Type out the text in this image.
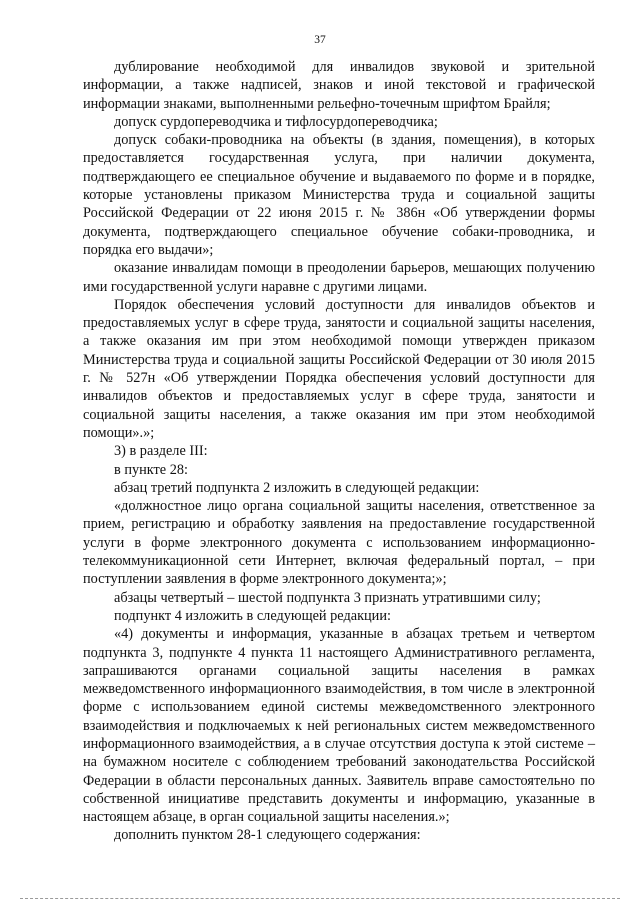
37

дублирование необходимой для инвалидов звуковой и зрительной информации, а также надписей, знаков и иной текстовой и графической информации знаками, выполненными рельефно-точечным шрифтом Брайля;

допуск сурдопереводчика и тифлосурдопереводчика;

допуск собаки-проводника на объекты (в здания, помещения), в которых предоставляется государственная услуга, при наличии документа, подтверждающего ее специальное обучение и выдаваемого по форме и в порядке, которые установлены приказом Министерства труда и социальной защиты Российской Федерации от 22 июня 2015 г. № 386н «Об утверждении формы документа, подтверждающего специальное обучение собаки-проводника, и порядка его выдачи»;

оказание инвалидам помощи в преодолении барьеров, мешающих получению ими государственной услуги наравне с другими лицами.

Порядок обеспечения условий доступности для инвалидов объектов и предоставляемых услуг в сфере труда, занятости и социальной защиты населения, а также оказания им при этом необходимой помощи утвержден приказом Министерства труда и социальной защиты Российской Федерации от 30 июля 2015 г. № 527н «Об утверждении Порядка обеспечения условий доступности для инвалидов объектов и предоставляемых услуг в сфере труда, занятости и социальной защиты населения, а также оказания им при этом необходимой помощи».»;

3) в разделе III:

в пункте 28:

абзац третий подпункта 2 изложить в следующей редакции:

«должностное лицо органа социальной защиты населения, ответственное за прием, регистрацию и обработку заявления на предоставление государственной услуги в форме электронного документа с использованием информационно-телекоммуникационной сети Интернет, включая федеральный портал, – при поступлении заявления в форме электронного документа;»;

абзацы четвертый – шестой подпункта 3 признать утратившими силу;

подпункт 4 изложить в следующей редакции:

«4) документы и информация, указанные в абзацах третьем и четвертом подпункта 3, подпункте 4 пункта 11 настоящего Административного регламента, запрашиваются органами социальной защиты населения в рамках межведомственного информационного взаимодействия, в том числе в электронной форме с использованием единой системы межведомственного электронного взаимодействия и подключаемых к ней региональных систем межведомственного информационного взаимодействия, а в случае отсутствия доступа к этой системе – на бумажном носителе с соблюдением требований законодательства Российской Федерации в области персональных данных. Заявитель вправе самостоятельно по собственной инициативе представить документы и информацию, указанные в настоящем абзаце, в орган социальной защиты населения.»;

дополнить пунктом 28-1 следующего содержания:
